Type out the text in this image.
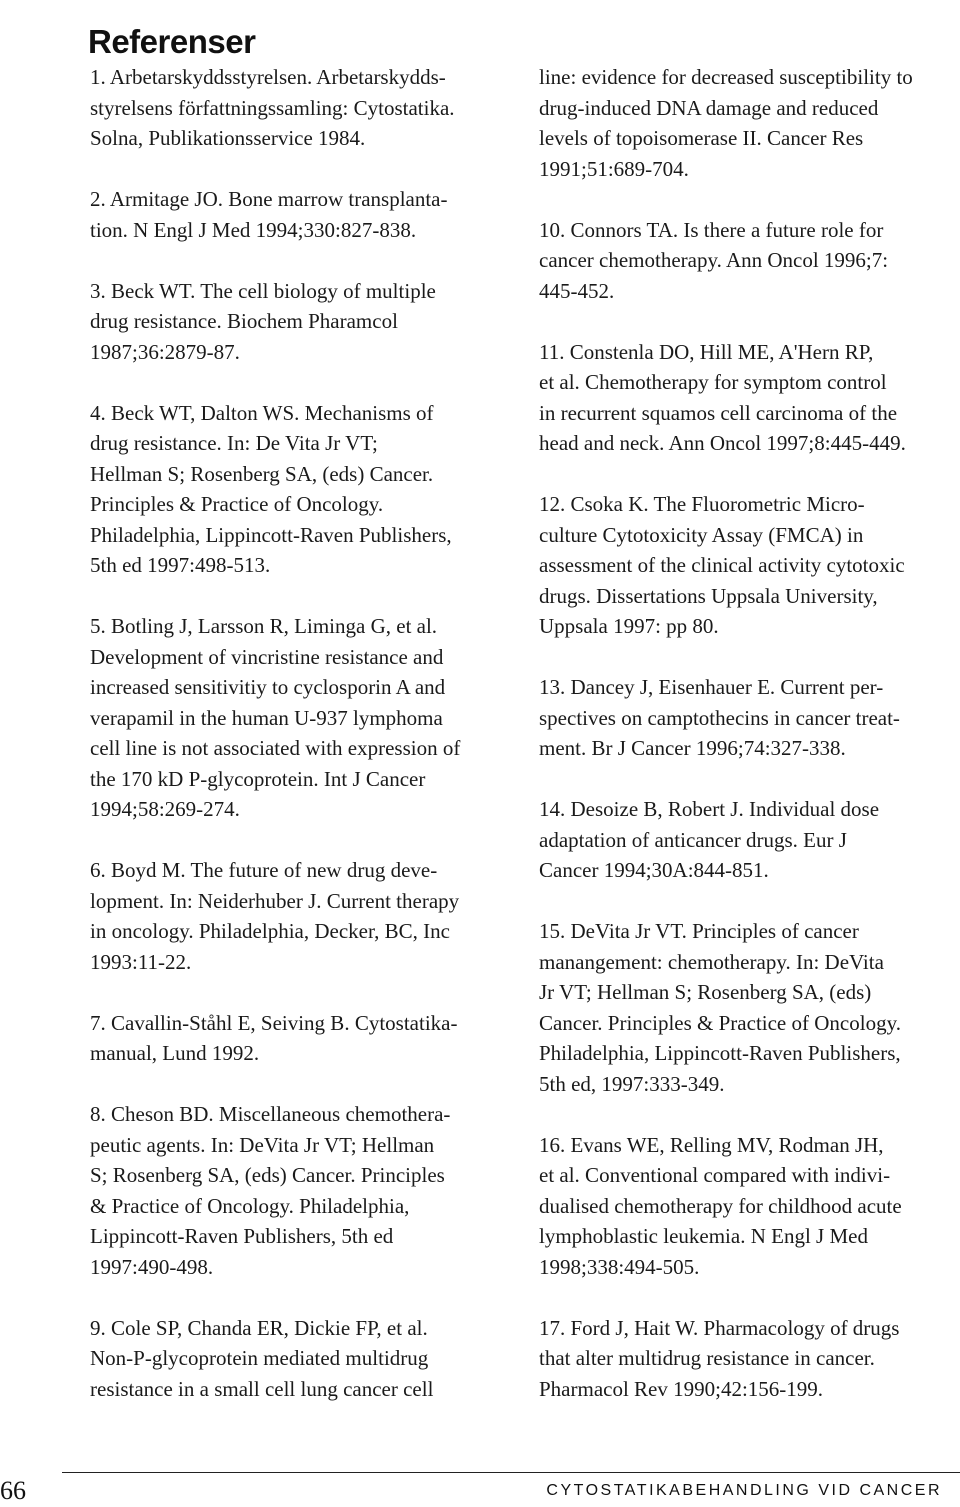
Referenser
1. Arbetarskyddsstyrelsen. Arbetarskydds-
styrelsens författningssamling: Cytostatika.
Solna, Publikationsservice 1984.
2. Armitage JO. Bone marrow transplanta-
tion. N Engl J Med 1994;330:827-838.
3. Beck WT. The cell biology of multiple
drug resistance. Biochem Pharamcol
1987;36:2879-87.
4. Beck WT, Dalton WS. Mechanisms of
drug resistance. In: De Vita Jr VT;
Hellman S; Rosenberg SA, (eds) Cancer.
Principles & Practice of Oncology.
Philadelphia, Lippincott-Raven Publishers,
5th ed 1997:498-513.
5. Botling J, Larsson R, Liminga G, et al.
Development of vincristine resistance and
increased sensitivitiy to cyclosporin A and
verapamil in the human U-937 lymphoma
cell line is not associated with expression of
the 170 kD P-glycoprotein. Int J Cancer
1994;58:269-274.
6. Boyd M. The future of new drug deve-
lopment. In: Neiderhuber J. Current therapy
in oncology. Philadelphia, Decker, BC, Inc
1993:11-22.
7. Cavallin-Ståhl E, Seiving B. Cytostatika-
manual, Lund 1992.
8. Cheson BD. Miscellaneous chemothera-
peutic agents. In: DeVita Jr VT; Hellman
S; Rosenberg SA, (eds) Cancer. Principles
& Practice of Oncology. Philadelphia,
Lippincott-Raven Publishers, 5th ed
1997:490-498.
9. Cole SP, Chanda ER, Dickie FP, et al.
Non-P-glycoprotein mediated multidrug
resistance in a small cell lung cancer cell
line: evidence for decreased susceptibility to
drug-induced DNA damage and reduced
levels of topoisomerase II. Cancer Res
1991;51:689-704.
10. Connors TA. Is there a future role for
cancer chemotherapy. Ann Oncol 1996;7:
445-452.
11. Constenla DO, Hill ME, A'Hern RP,
et al. Chemotherapy for symptom control
in recurrent squamos cell carcinoma of the
head and neck. Ann Oncol 1997;8:445-449.
12. Csoka K. The Fluorometric Micro-
culture Cytotoxicity Assay (FMCA) in
assessment of the clinical activity cytotoxic
drugs. Dissertations Uppsala University,
Uppsala 1997: pp 80.
13. Dancey J, Eisenhauer E. Current per-
spectives on camptothecins in cancer treat-
ment. Br J Cancer 1996;74:327-338.
14. Desoize B, Robert J. Individual dose
adaptation of anticancer drugs. Eur J
Cancer 1994;30A:844-851.
15. DeVita Jr VT. Principles of cancer
manangement: chemotherapy. In: DeVita
Jr VT; Hellman S; Rosenberg SA, (eds)
Cancer. Principles & Practice of Oncology.
Philadelphia, Lippincott-Raven Publishers,
5th ed, 1997:333-349.
16. Evans WE, Relling MV, Rodman JH,
et al. Conventional compared with indivi-
dualised chemotherapy for childhood acute
lymphoblastic leukemia. N Engl J Med
1998;338:494-505.
17. Ford J, Hait W. Pharmacology of drugs
that alter multidrug resistance in cancer.
Pharmacol Rev 1990;42:156-199.
66	CYTOSTATIKABEHANDLING VID CANCER
